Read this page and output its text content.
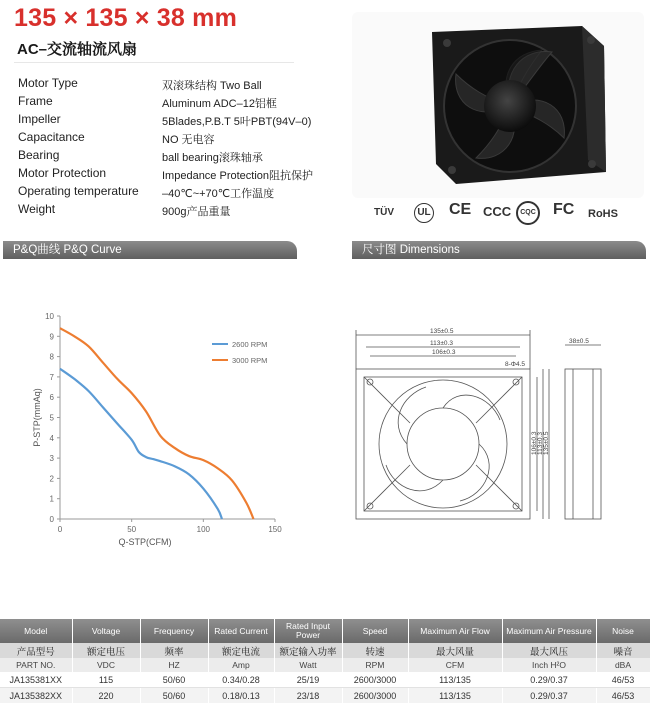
135 × 135 × 38 mm
AC–交流轴流风扇
Motor Type	双滚珠结构 Two Ball
Frame	Aluminum ADC–12铝框
Impeller	5Blades,P.B.T 5叶PBT(94V–0)
Capacitance	NO 无电容
Bearing	ball bearing滚珠轴承
Motor Protection	Impedance Protection阻抗保护
Operating temperature –40℃~+70℃工作温度
Weight	900g产品重量	TÜV	UL CE CCC	CQC FC RoHS
P&Q曲线 P&Q Curve	尺寸图 Dimensions
0
1
2
3
4
5
6
7
8
9
10
0	50	100	150
Q-STP(CFM)
P-STP(mmAq)
2600 RPM
3000 RPM
135±0.5
113±0.3
106±0.3
8-Φ4.5
38±0.5
106±0.3 113±0.3 135±0.5
Model	Voltage	Frequency	Rated Current	Rated Input Power	Speed	Maximum Air Flow	Maximum Air Pressure	Noise
产品型号	额定电压	频率	额定电流	额定输入功率	转速	最大风量	最大风压	噪音
PART NO.	VDC	HZ	Amp	Watt	RPM	CFM	Inch H²O	dBA
JA135381XX	115	50/60	0.34/0.28	25/19	2600/3000	113/135	0.29/0.37	46/53
JA135382XX	220	50/60	0.18/0.13	23/18	2600/3000	113/135	0.29/0.37	46/53
